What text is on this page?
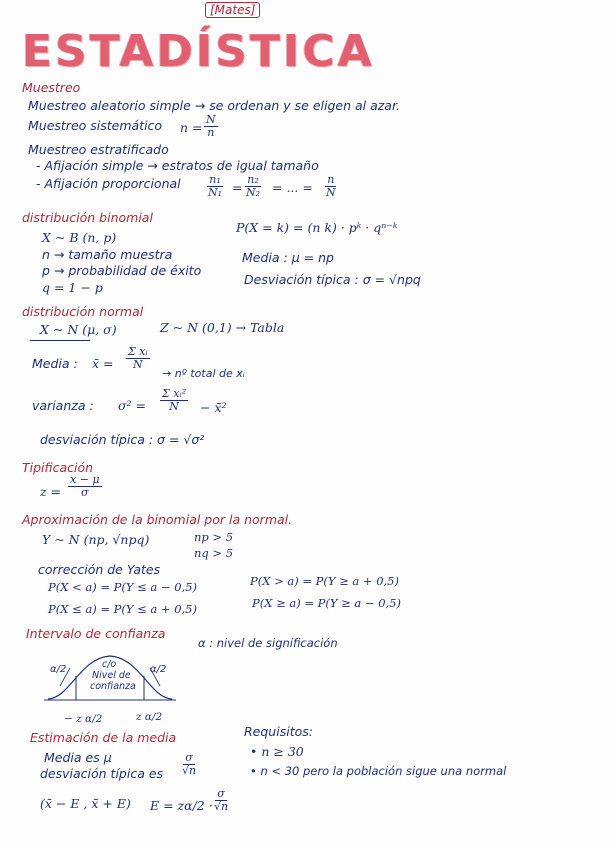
[Mates]
ESTADÍSTICA
Muestreo
Muestreo aleatorio simple → se ordenan y se eligen al azar.
Muestreo sistemático $n = \frac{N}{n}$
Muestreo estratificado
- Afijación simple → estratos de igual tamaño
- Afijación proporcional $\frac{\text{n₁}}{\text{N₁}} = \frac{\text{n₂}}{\text{N₂}}$ = ... = $\frac{n}{N}$
distribución binomial
X ~ B (n, p)
n → tamaño muestra
p → probabilidad de éxito
q = 1 − p
P(X = k) = (n k) · pᵏ · qⁿ⁻ᵏ
Media : μ = np
Desviación típica : σ = √npq
distribución normal
X ~ N (μ, σ)	Z ~ N (0,1) → Tabla
Media : x̄ = $\frac{\text{Σ xᵢ}}{N}$
→ nº total de xᵢ
varianza : $\sigma^2 = \frac{\text{Σ xᵢ²}}{N}$ − x̄²
desviación típica : σ = √σ²
Tipificación
$z = \frac{x - \mu}{\sigma}$
Aproximación de la binomial por la normal.
Y ~ N (np, √npq)	np > 5
nq > 5
corrección de Yates
P(X < a) = P(Y ≤ a − 0,5)
P(X ≤ a) = P(Y ≤ a + 0,5)
P(X > a) = P(Y ≥ a + 0,5)
P(X ≥ a) = P(Y ≥ a − 0,5)
Intervalo de confianza
α : nivel de significación
α/2	α/2
c/o
Nivel de
confianza
− z α/2	z α/2
Estimación de la media
Media es μ
desviación típica es $\frac{\sigma}{√n}$
(x̄ − E , x̄ + E) $E = z\alpha/2 \cdot \frac{\sigma}{√n}$
Requisitos:
• n ≥ 30
• n < 30 pero la población sigue una normal
